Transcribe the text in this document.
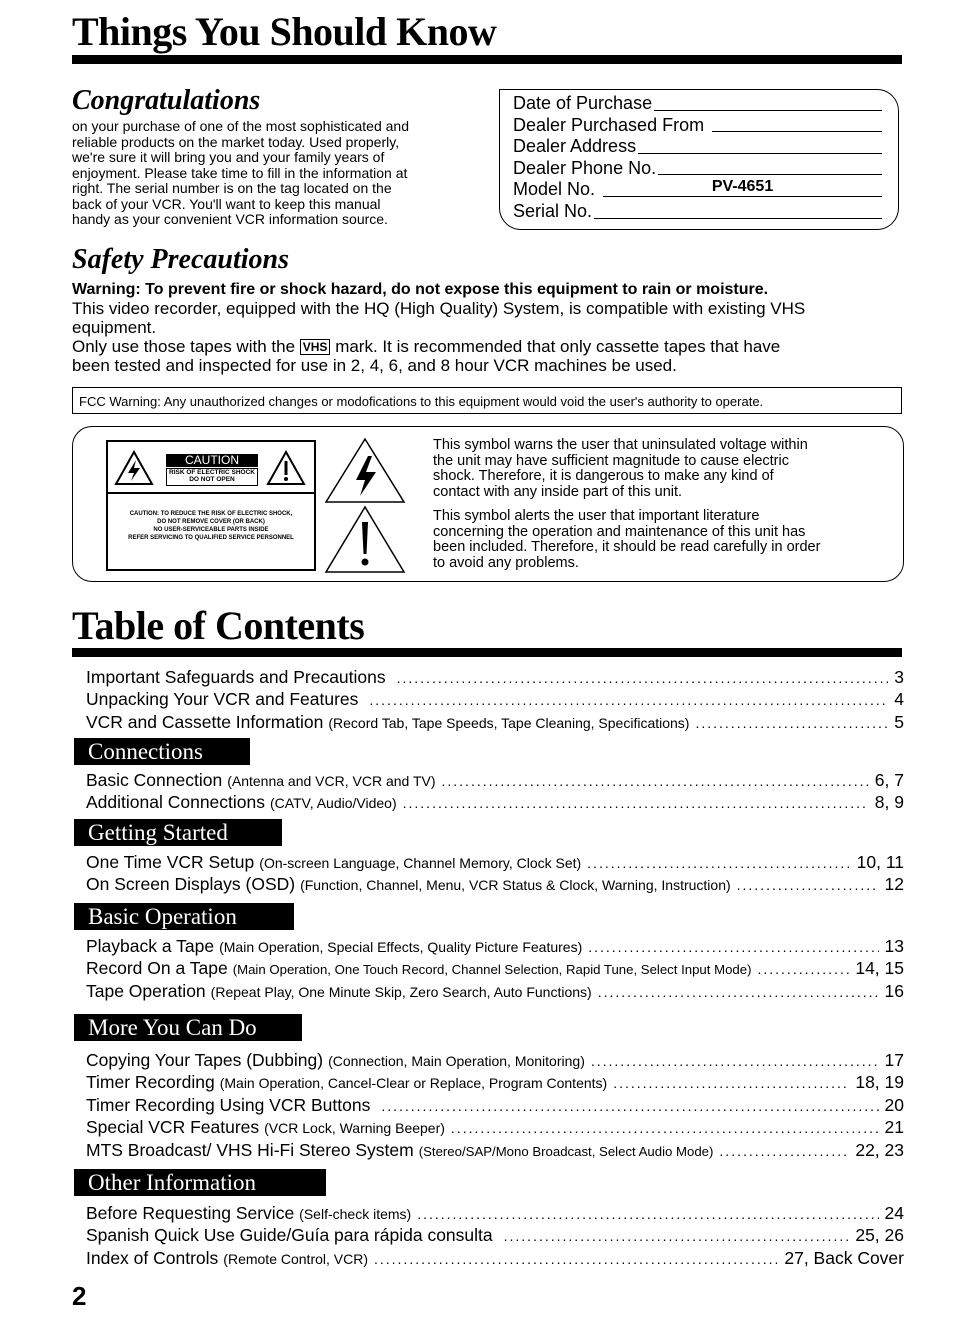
Things You Should Know
Congratulations
on your purchase of one of the most sophisticated and
reliable products on the market today. Used properly,
we're sure it will bring you and your family years of
enjoyment. Please take time to fill in the information at
right. The serial number is on the tag located on the
back of your VCR. You'll want to keep this manual
handy as your convenient VCR information source.
Date of Purchase
Dealer Purchased From
Dealer Address
Dealer Phone No.
Model No.	PV-4651
Serial No.
Safety Precautions
Warning: To prevent fire or shock hazard, do not expose this equipment to rain or moisture.
This video recorder, equipped with the HQ (High Quality) System, is compatible with existing VHS
equipment.
Only use those tapes with the VHS mark. It is recommended that only cassette tapes that have
been tested and inspected for use in 2, 4, 6, and 8 hour VCR machines be used.
FCC Warning: Any unauthorized changes or modofications to this equipment would void the user's authority to operate.
CAUTION
RISK OF ELECTRIC SHOCK
DO NOT OPEN
CAUTION: TO REDUCE THE RISK OF ELECTRIC SHOCK,
DO NOT REMOVE COVER (OR BACK)
NO USER-SERVICEABLE PARTS INSIDE
REFER SERVICING TO QUALIFIED SERVICE PERSONNEL
This symbol warns the user that uninsulated voltage within
the unit may have sufficient magnitude to cause electric
shock. Therefore, it is dangerous to make any kind of
contact with any inside part of this unit.
This symbol alerts the user that important literature
concerning the operation and maintenance of this unit has
been included. Therefore, it should be read carefully in order
to avoid any problems.
Table of Contents
Important Safeguards and Precautions .....	3
Unpacking Your VCR and Features .....	4
VCR and Cassette Information (Record Tab, Tape Speeds, Tape Cleaning, Specifications) .....	5
Connections
Basic Connection (Antenna and VCR, VCR and TV) .....	6, 7
Additional Connections (CATV, Audio/Video) .....	8, 9
Getting Started
One Time VCR Setup (On-screen Language, Channel Memory, Clock Set) .....	10, 11
On Screen Displays (OSD) (Function, Channel, Menu, VCR Status & Clock, Warning, Instruction) .....	12
Basic Operation
Playback a Tape (Main Operation, Special Effects, Quality Picture Features) .....	13
Record On a Tape (Main Operation, One Touch Record, Channel Selection, Rapid Tune, Select Input Mode) .....	14, 15
Tape Operation (Repeat Play, One Minute Skip, Zero Search, Auto Functions) .....	16
More You Can Do
Copying Your Tapes (Dubbing) (Connection, Main Operation, Monitoring) .....	17
Timer Recording (Main Operation, Cancel-Clear or Replace, Program Contents) .....	18, 19
Timer Recording Using VCR Buttons .....	20
Special VCR Features (VCR Lock, Warning Beeper) .....	21
MTS Broadcast/ VHS Hi-Fi Stereo System (Stereo/SAP/Mono Broadcast, Select Audio Mode) .....	22, 23
Other Information
Before Requesting Service (Self-check items) .....	24
Spanish Quick Use Guide/Guía para rápida consulta .....	25, 26
Index of Controls (Remote Control, VCR) .....	27, Back Cover
2
